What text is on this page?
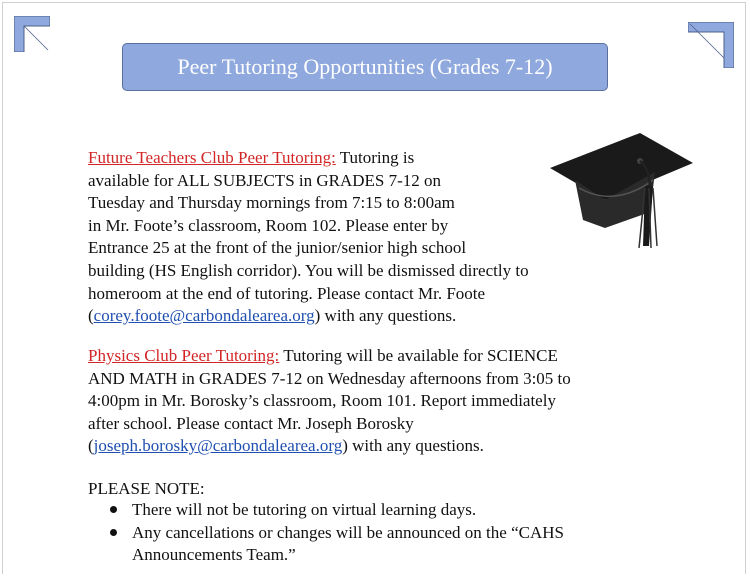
Peer Tutoring Opportunities (Grades 7-12)

Future Teachers Club Peer Tutoring: Tutoring is
available for ALL SUBJECTS in GRADES 7-12 on
Tuesday and Thursday mornings from 7:15 to 8:00am
in Mr. Foote’s classroom, Room 102. Please enter by
Entrance 25 at the front of the junior/senior high school
building (HS English corridor). You will be dismissed directly to
homeroom at the end of tutoring. Please contact Mr. Foote
(corey.foote@carbondalearea.org) with any questions.

Physics Club Peer Tutoring: Tutoring will be available for SCIENCE
AND MATH in GRADES 7-12 on Wednesday afternoons from 3:05 to
4:00pm in Mr. Borosky’s classroom, Room 101. Report immediately
after school. Please contact Mr. Joseph Borosky
(joseph.borosky@carbondalearea.org) with any questions.

PLEASE NOTE:

There will not be tutoring on virtual learning days.
Any cancellations or changes will be announced on the “CAHS
Announcements Team.”
